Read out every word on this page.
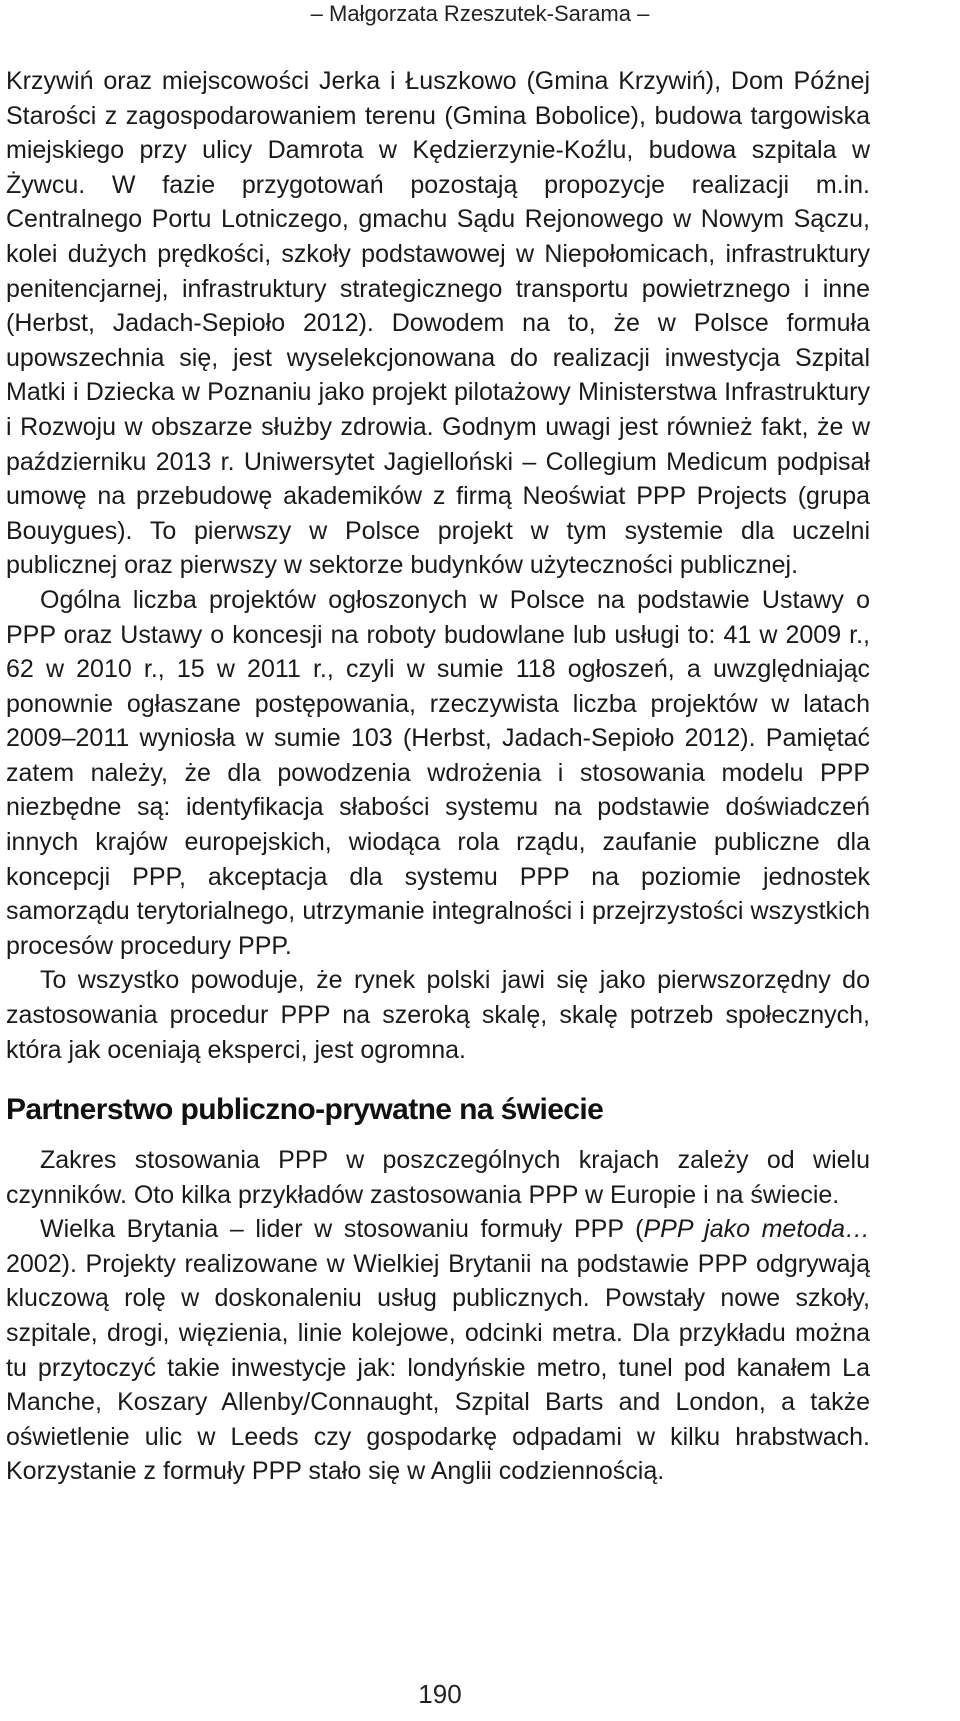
– Małgorzata Rzeszutek-Sarama –

Krzywiń oraz miejscowości Jerka i Łuszkowo (Gmina Krzywiń), Dom Późnej Starości z zagospodarowaniem terenu (Gmina Bobolice), budowa targowiska miejskiego przy ulicy Damrota w Kędzierzynie-Koźlu, budowa szpitala w Żywcu. W fazie przygotowań pozostają propozycje realizacji m.in. Centralnego Portu Lotniczego, gmachu Sądu Rejonowego w Nowym Sączu, kolei dużych prędkości, szkoły podstawowej w Niepołomicach, infrastruktury penitencjarnej, infrastruktury strategicznego transportu powietrznego i inne (Herbst, Jadach-Sepioło 2012). Dowodem na to, że w Polsce formuła upowszechnia się, jest wyselekcjonowana do realizacji inwestycja Szpital Matki i Dziecka w Poznaniu jako projekt pilotażowy Ministerstwa Infrastruktury i Rozwoju w obszarze służby zdrowia. Godnym uwagi jest również fakt, że w październiku 2013 r. Uniwersytet Jagielloński – Collegium Medicum podpisał umowę na przebudowę akademików z firmą Neoświat PPP Projects (grupa Bouygues). To pierwszy w Polsce projekt w tym systemie dla uczelni publicznej oraz pierwszy w sektorze budynków użyteczności publicznej.

Ogólna liczba projektów ogłoszonych w Polsce na podstawie Ustawy o PPP oraz Ustawy o koncesji na roboty budowlane lub usługi to: 41 w 2009 r., 62 w 2010 r., 15 w 2011 r., czyli w sumie 118 ogłoszeń, a uwzględniając ponownie ogłaszane postępowania, rzeczywista liczba projektów w latach 2009–2011 wyniosła w sumie 103 (Herbst, Jadach-Sepioło 2012). Pamiętać zatem należy, że dla powodzenia wdrożenia i stosowania modelu PPP niezbędne są: identyfikacja słabości systemu na podstawie doświadczeń innych krajów europejskich, wiodąca rola rządu, zaufanie publiczne dla koncepcji PPP, akceptacja dla systemu PPP na poziomie jednostek samorządu terytorialnego, utrzymanie integralności i przejrzystości wszystkich procesów procedury PPP.

To wszystko powoduje, że rynek polski jawi się jako pierwszorzędny do zastosowania procedur PPP na szeroką skalę, skalę potrzeb społecznych, która jak oceniają eksperci, jest ogromna.

Partnerstwo publiczno-prywatne na świecie

Zakres stosowania PPP w poszczególnych krajach zależy od wielu czynników. Oto kilka przykładów zastosowania PPP w Europie i na świecie.

Wielka Brytania – lider w stosowaniu formuły PPP (PPP jako metoda… 2002). Projekty realizowane w Wielkiej Brytanii na podstawie PPP odgrywają kluczową rolę w doskonaleniu usług publicznych. Powstały nowe szkoły, szpitale, drogi, więzienia, linie kolejowe, odcinki metra. Dla przykładu można tu przytoczyć takie inwestycje jak: londyńskie metro, tunel pod kanałem La Manche, Koszary Allenby/Connaught, Szpital Barts and London, a także oświetlenie ulic w Leeds czy gospodarkę odpadami w kilku hrabstwach. Korzystanie z formuły PPP stało się w Anglii codziennością.

190
